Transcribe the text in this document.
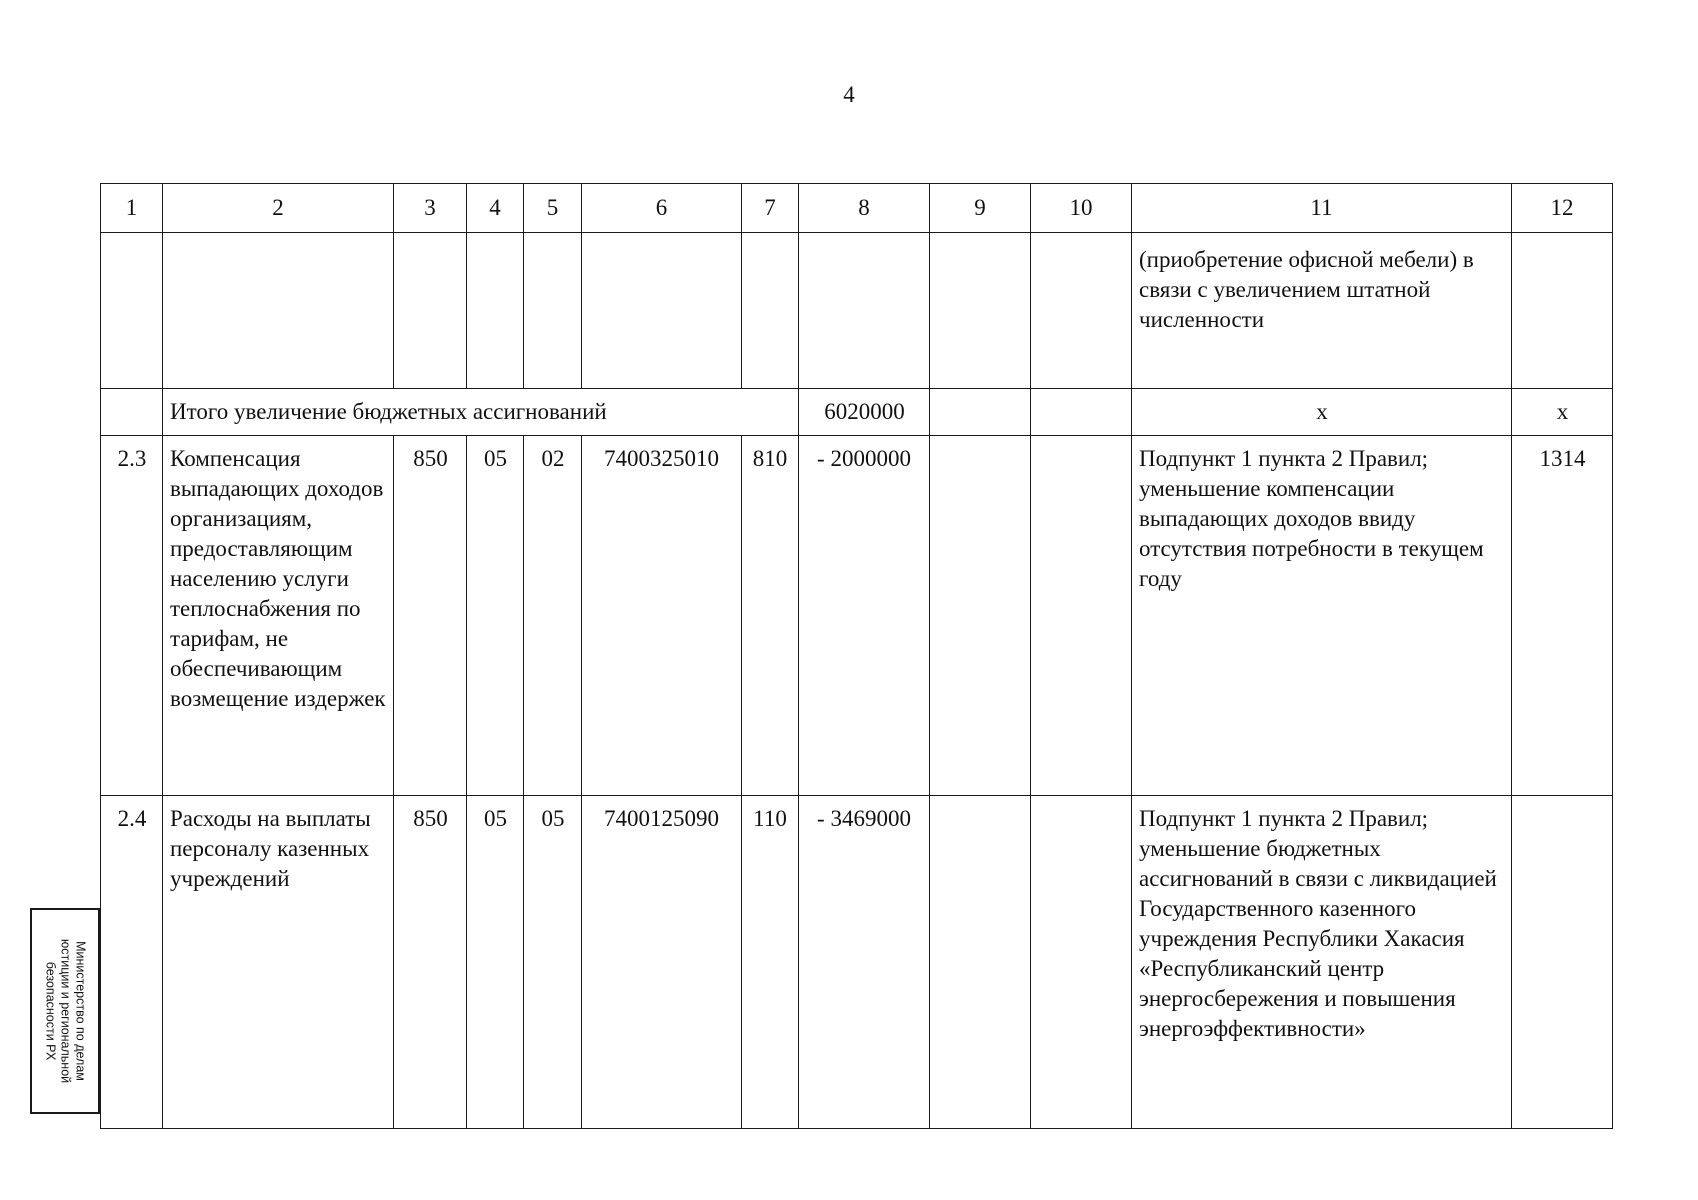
4
1	2	3	4	5	6	7	8	9	10	11	12
										(приобретение офисной мебели) в связи с увеличением штатной численности	
	Итого увеличение бюджетных ассигнований						6020000			х	х
2.3	Компенсация выпадающих доходов организациям, предоставляющим населению услуги теплоснабжения по тарифам, не обеспечивающим возмещение издержек	850	05	02	7400325010	810	- 2000000			Подпункт 1 пункта 2 Правил; уменьшение компенсации выпадающих доходов ввиду отсутствия потребности в текущем году	1314
2.4	Расходы на выплаты персоналу казенных учреждений	850	05	05	7400125090	110	- 3469000			Подпункт 1 пункта 2 Правил; уменьшение бюджетных ассигнований в связи с ликвидацией Государственного казенного учреждения Республики Хакасия «Республиканский центр энергосбережения и повышения энергоэффективности»	
Министерство по делам
юстиции и региональной
безопасности РХ
